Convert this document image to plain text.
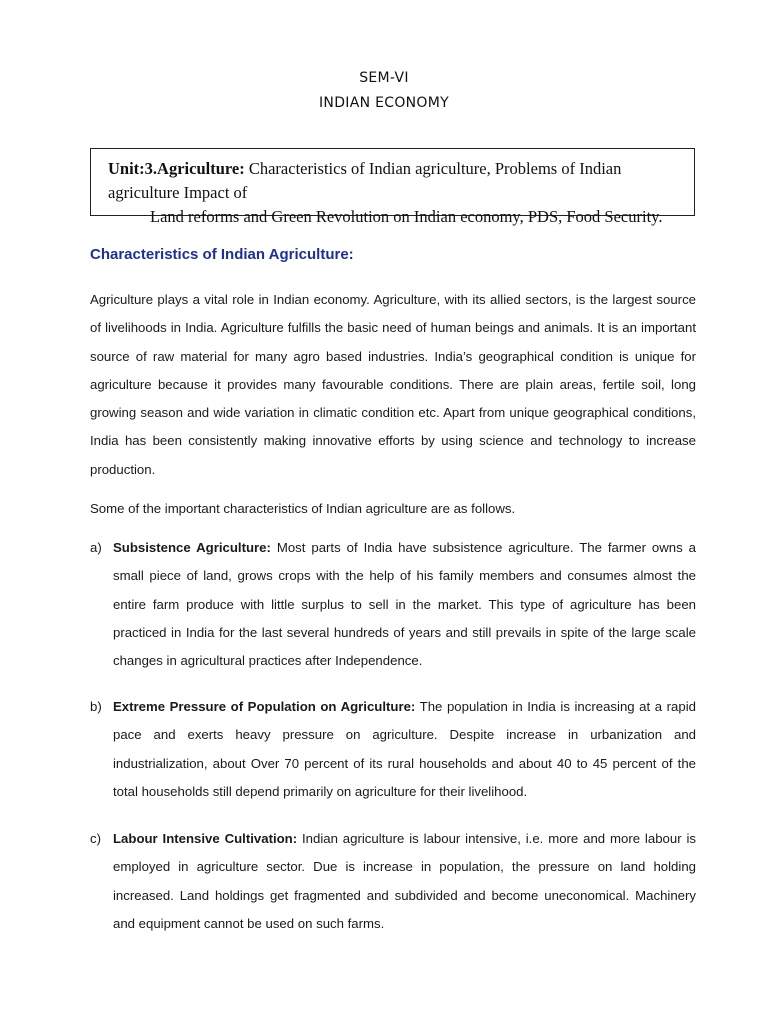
SEM-VI
INDIAN ECONOMY
Unit:3.Agriculture: Characteristics of Indian agriculture, Problems of Indian agriculture Impact of
Land reforms and Green Revolution on Indian economy, PDS, Food Security.
Characteristics of Indian Agriculture:

Agriculture plays a vital role in Indian economy. Agriculture, with its allied sectors, is the largest source of livelihoods in India. Agriculture fulfills the basic need of human beings and animals. It is an important source of raw material for many agro based industries. India’s geographical condition is unique for agriculture because it provides many favourable conditions. There are plain areas, fertile soil, long growing season and wide variation in climatic condition etc. Apart from unique geographical conditions, India has been consistently making innovative efforts by using science and technology to increase production.

Some of the important characteristics of Indian agriculture are as follows.

a) Subsistence Agriculture: Most parts of India have subsistence agriculture. The farmer owns a small piece of land, grows crops with the help of his family members and consumes almost the entire farm produce with little surplus to sell in the market. This type of agriculture has been practiced in India for the last several hundreds of years and still prevails in spite of the large scale changes in agricultural practices after Independence.
b) Extreme Pressure of Population on Agriculture: The population in India is increasing at a rapid pace and exerts heavy pressure on agriculture. Despite increase in urbanization and industrialization, about Over 70 percent of its rural households and about 40 to 45 percent of the total households still depend primarily on agriculture for their livelihood.
c) Labour Intensive Cultivation: Indian agriculture is labour intensive, i.e. more and more labour is employed in agriculture sector. Due is increase in population, the pressure on land holding increased. Land holdings get fragmented and subdivided and become uneconomical. Machinery and equipment cannot be used on such farms.
